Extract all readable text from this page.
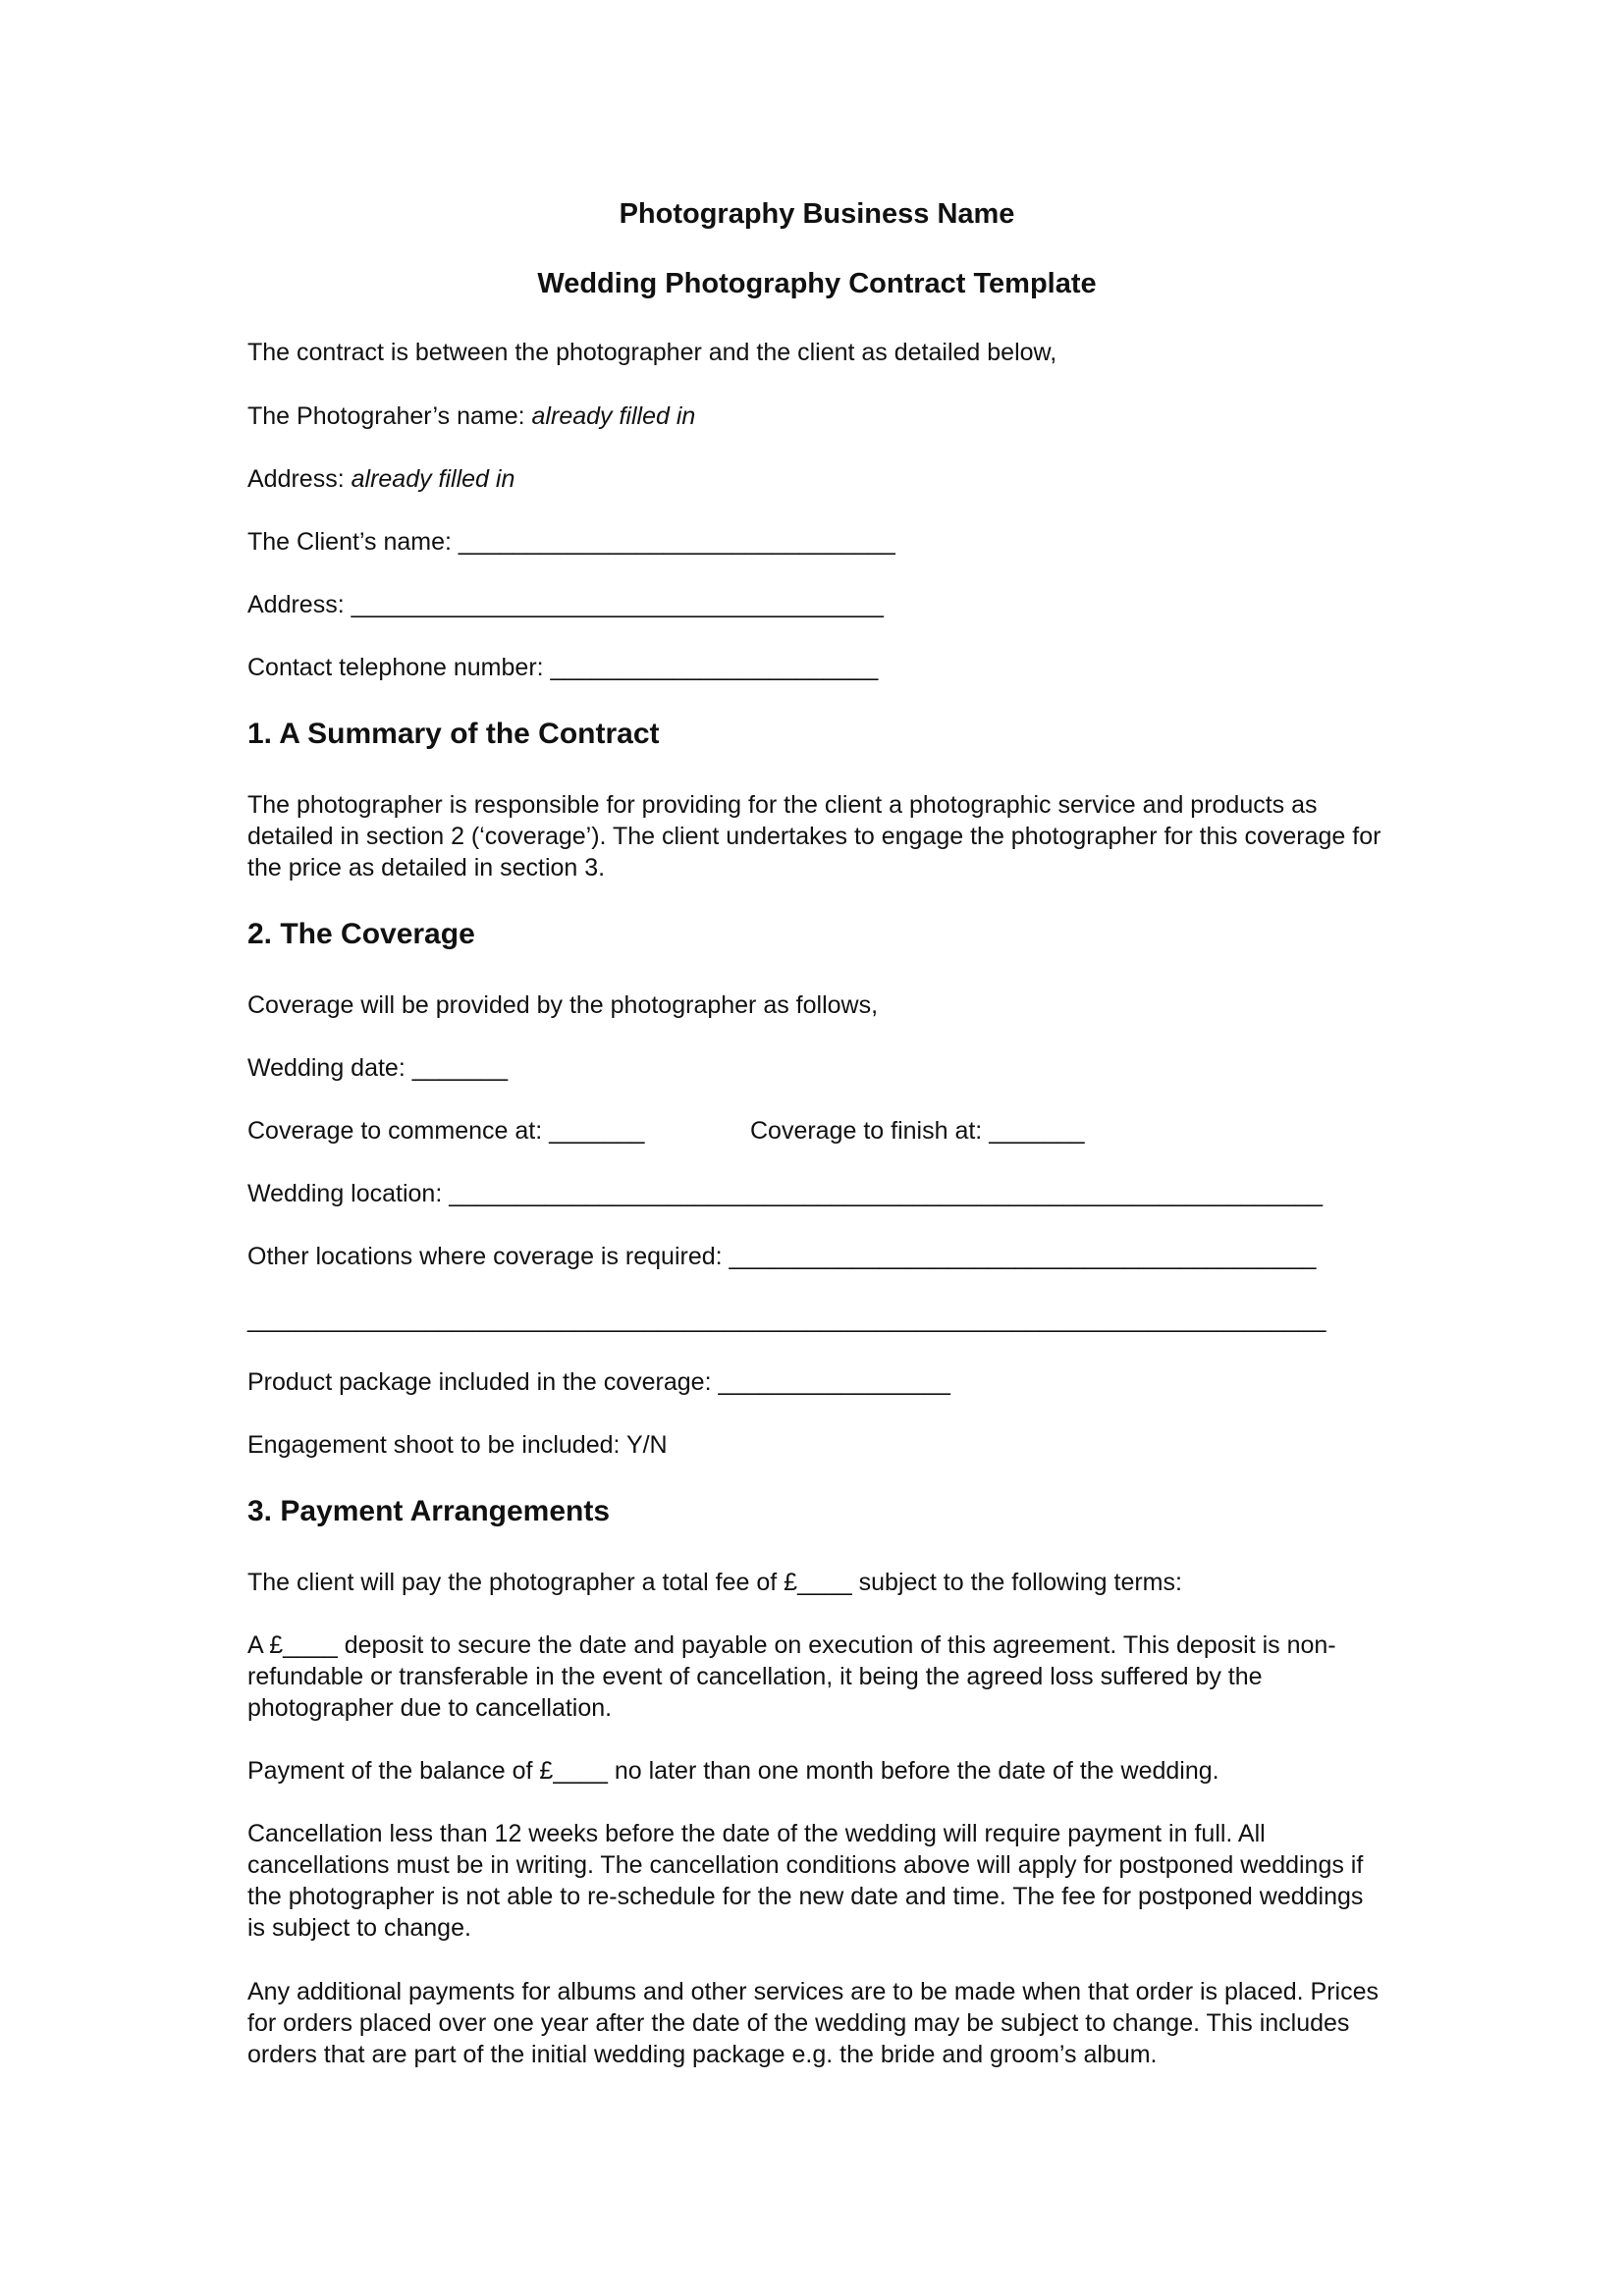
Photography Business Name
Wedding Photography Contract Template

The contract is between the photographer and the client as detailed below,

The Photograher’s name: already filled in

Address: already filled in

The Client’s name: ________________________________

Address: _______________________________________

Contact telephone number: ________________________

1. A Summary of the Contract

The photographer is responsible for providing for the client a photographic service and products as detailed in section 2 (‘coverage’). The client undertakes to engage the photographer for this coverage for the price as detailed in section 3.

2. The Coverage

Coverage will be provided by the photographer as follows,

Wedding date: _______

Coverage to commence at: _______	Coverage to finish at: _______

Wedding location: ________________________________________________________________

Other locations where coverage is required: ___________________________________________

_______________________________________________________________________________

Product package included in the coverage: _________________

Engagement shoot to be included: Y/N

3. Payment Arrangements

The client will pay the photographer a total fee of £____ subject to the following terms:

A £____ deposit to secure the date and payable on execution of this agreement. This deposit is non-refundable or transferable in the event of cancellation, it being the agreed loss suffered by the photographer due to cancellation.

Payment of the balance of £____ no later than one month before the date of the wedding.

Cancellation less than 12 weeks before the date of the wedding will require payment in full. All cancellations must be in writing. The cancellation conditions above will apply for postponed weddings if the photographer is not able to re-schedule for the new date and time. The fee for postponed weddings is subject to change.

Any additional payments for albums and other services are to be made when that order is placed. Prices for orders placed over one year after the date of the wedding may be subject to change. This includes orders that are part of the initial wedding package e.g. the bride and groom’s album.
